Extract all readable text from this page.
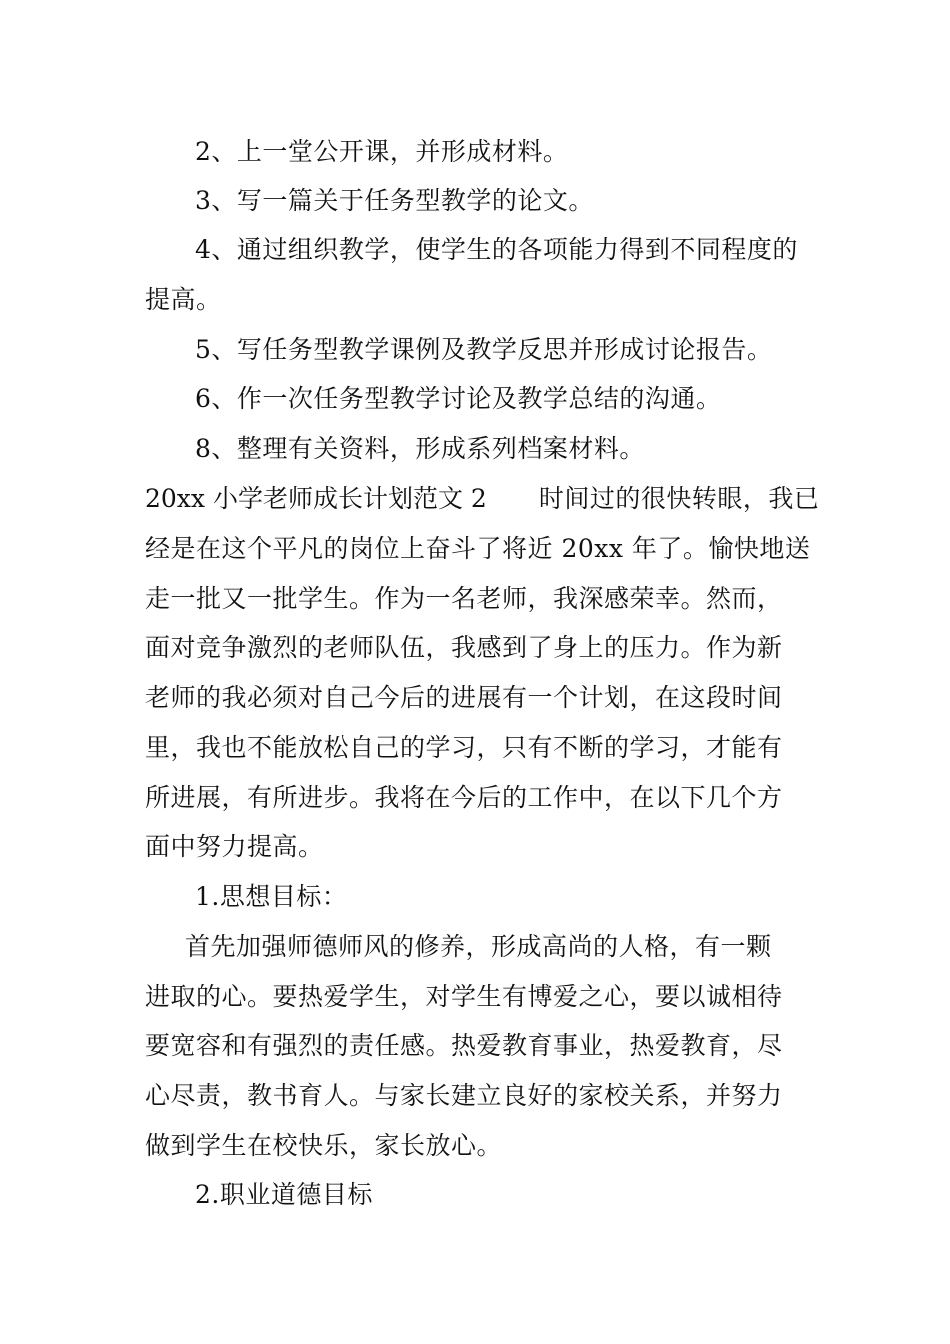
2、上一堂公开课，并形成材料。
3、写一篇关于任务型教学的论文。
4、通过组织教学，使学生的各项能力得到不同程度的
提高。
5、写任务型教学课例及教学反思并形成讨论报告。
6、作一次任务型教学讨论及教学总结的沟通。
8、整理有关资料，形成系列档案材料。
20xx 小学老师成长计划范文 2 时间过的很快转眼，我已
经是在这个平凡的岗位上奋斗了将近 20xx 年了。愉快地送
走一批又一批学生。作为一名老师，我深感荣幸。然而，
面对竞争激烈的老师队伍，我感到了身上的压力。作为新
老师的我必须对自己今后的进展有一个计划，在这段时间
里，我也不能放松自己的学习，只有不断的学习，才能有
所进展，有所进步。我将在今后的工作中，在以下几个方
面中努力提高。
1.思想目标：
首先加强师德师风的修养，形成高尚的人格，有一颗
进取的心。要热爱学生，对学生有博爱之心，要以诚相待
要宽容和有强烈的责任感。热爱教育事业，热爱教育，尽
心尽责，教书育人。与家长建立良好的家校关系，并努力
做到学生在校快乐，家长放心。
2.职业道德目标
